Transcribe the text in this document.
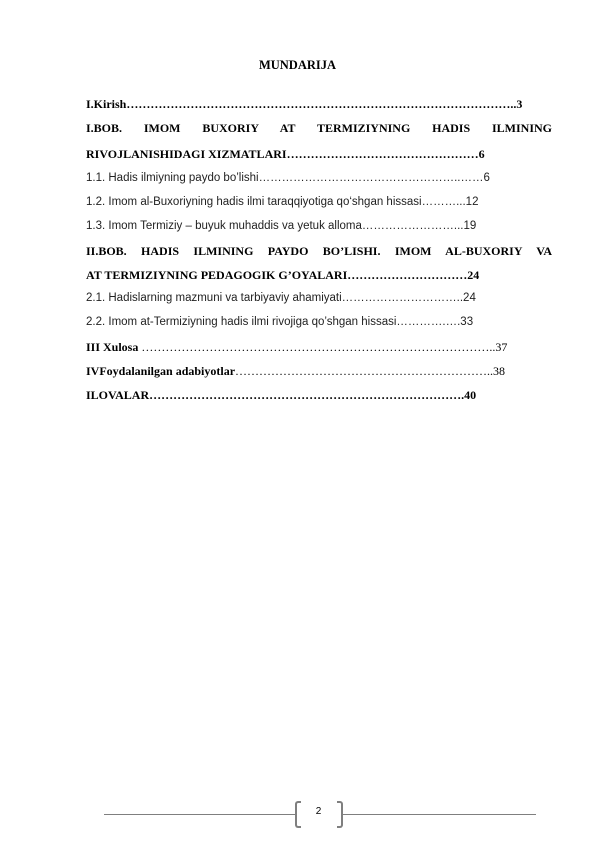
MUNDARIJA
I.Kirish……………………………………………………………………………………..3
I.BOB. IMOM BUXORIY AT TERMIZIYNING HADIS ILMINING
RIVOJLANISHIDAGI XIZMATLARI…………………………………………6
1.1. Hadis ilmiyning paydo bo’lishi……………………………………………..……6
1.2. Imom al-Buxoriyning hadis ilmi taraqqiyotiga qo‘shgan hissasi………...12
1.3. Imom Termiziy – buyuk muhaddis va yetuk alloma……………………...19
II.BOB. HADIS ILMINING PAYDO BO’LISHI. IMOM AL-BUXORIY VA
AT TERMIZIYNING PEDAGOGIK G’OYALARI…………………………24
2.1. Hadislarning mazmuni va tarbiyaviy ahamiyati…………………………..24
2.2. Imom at-Termiziyning hadis ilmi rivojiga qo’shgan hissasi………….….33
III Xulosa ……………………………………………………………………………..37
IVFoydalanilgan adabiyotlar………………………………………………………..38
ILOVALAR…………………………………………………………………….40
2
